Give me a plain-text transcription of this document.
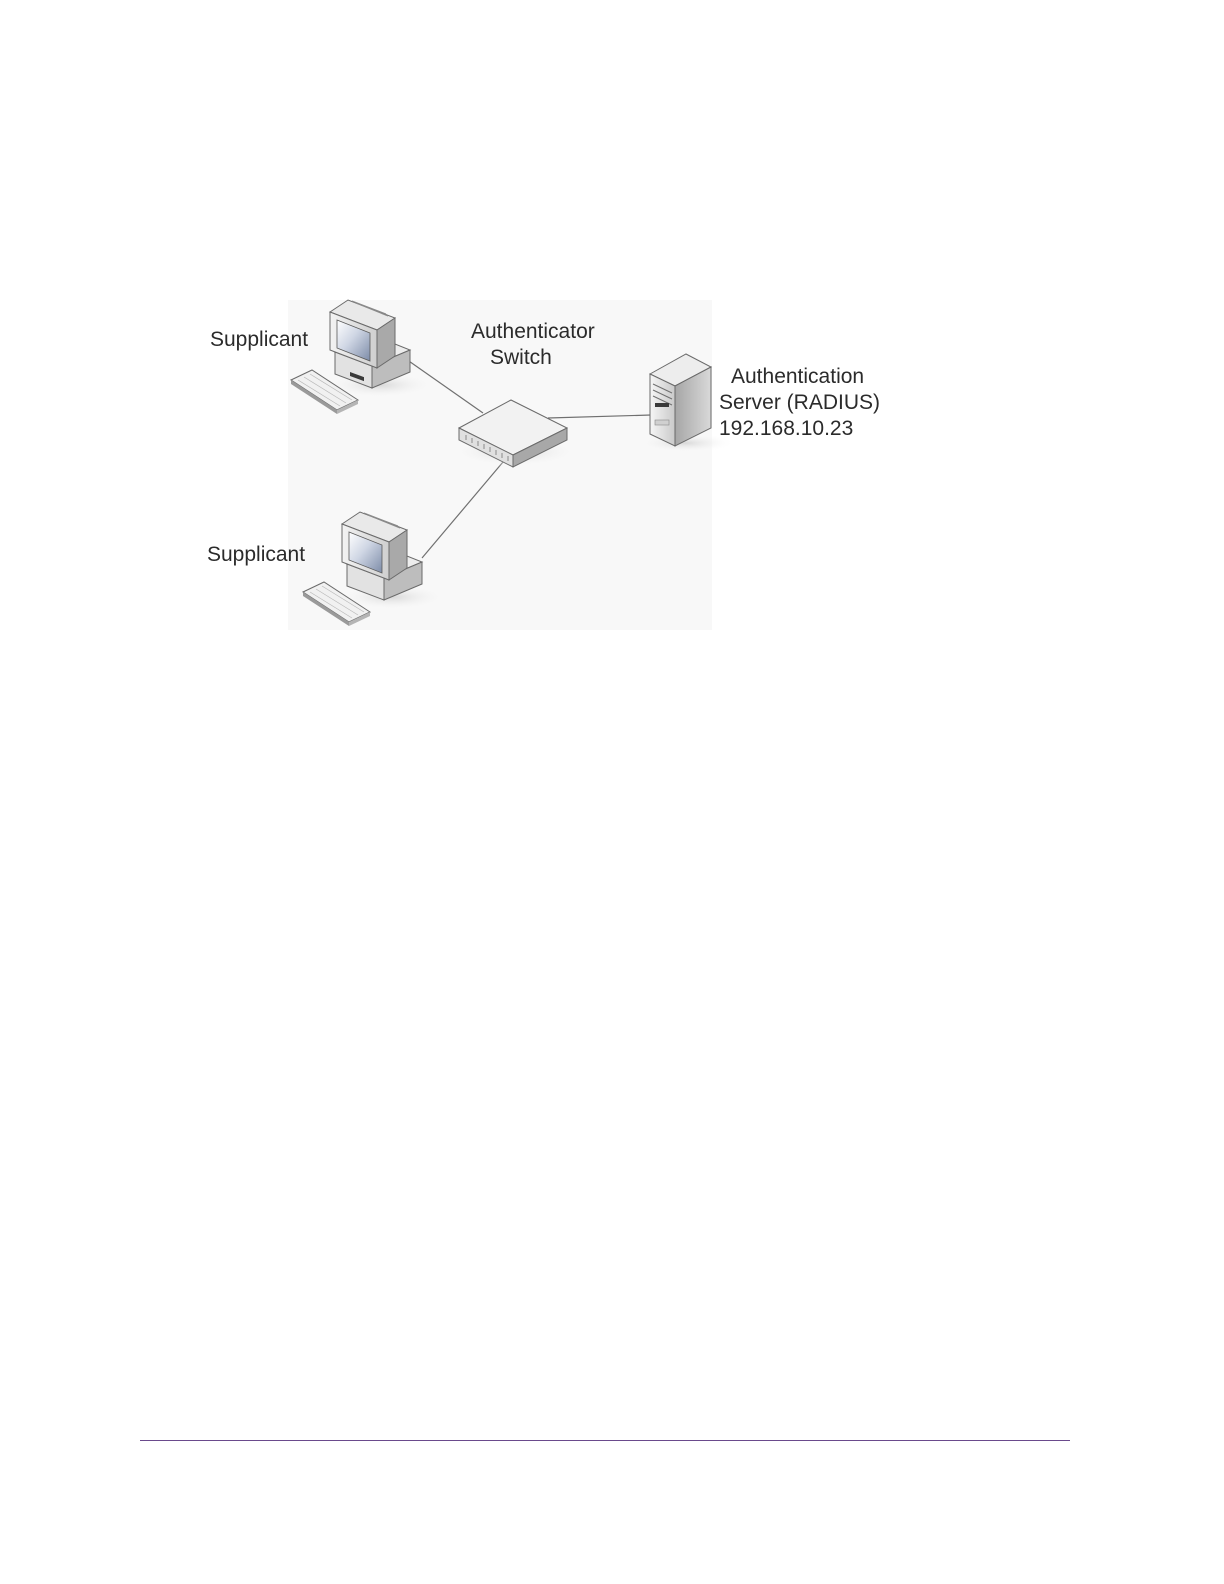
Supplicant	Authenticator
Switch
Authentication
Server (RADIUS)
192.168.10.23
Supplicant
